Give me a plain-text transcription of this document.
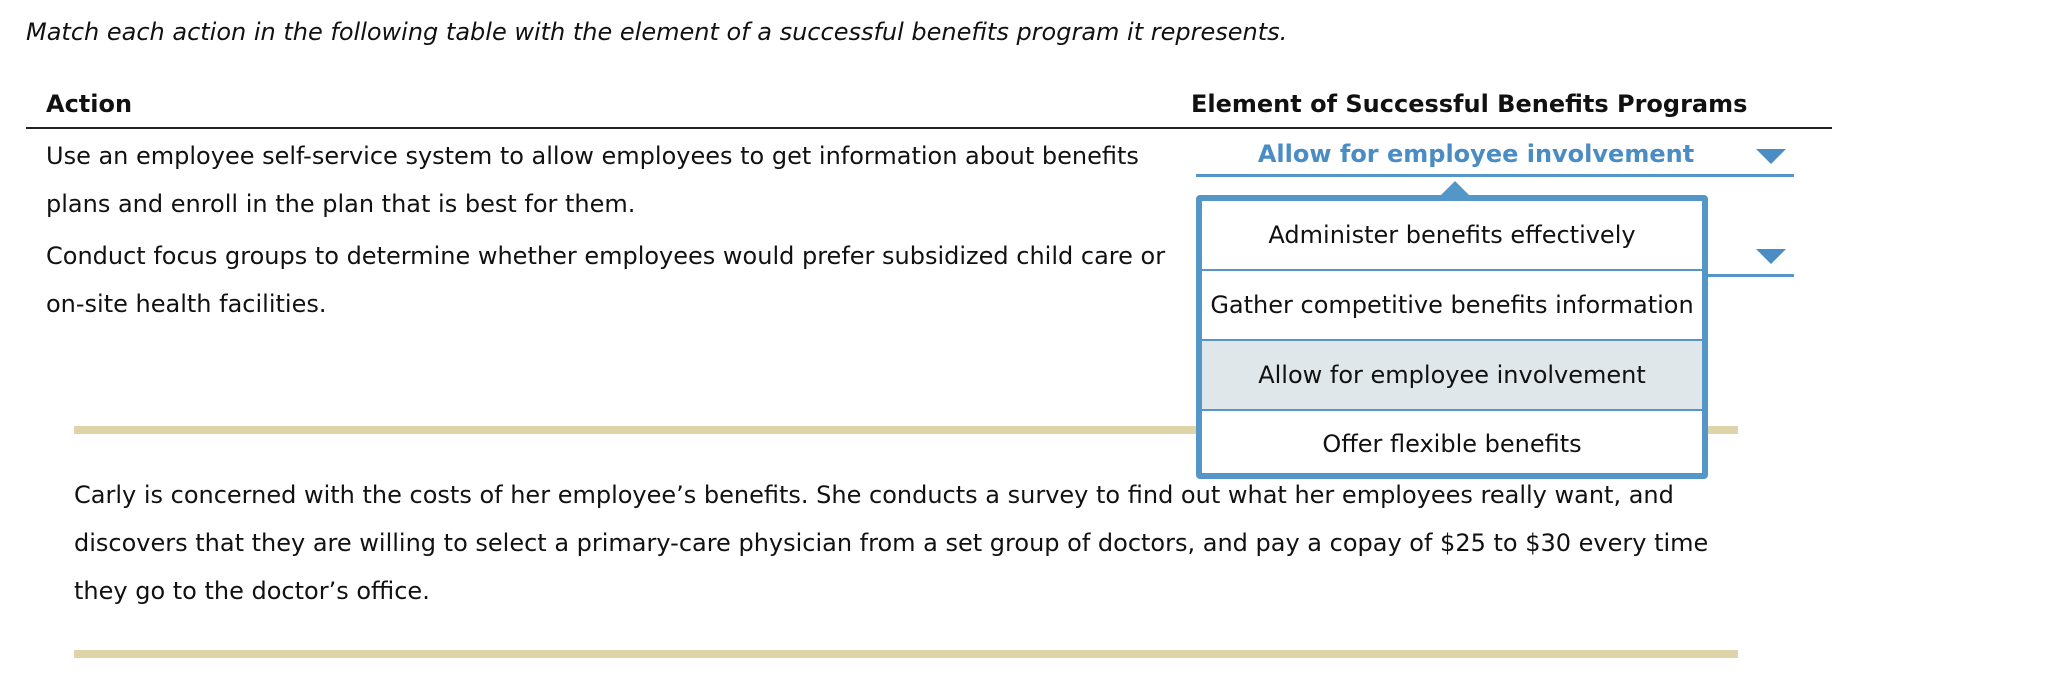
Match each action in the following table with the element of a successful benefits program it represents.

Action	Element of Successful Benefits Programs

Use an employee self-service system to allow employees to get information about benefits plans and enroll in the plan that is best for them.

Allow for employee involvement

Conduct focus groups to determine whether employees would prefer subsidized child care or on-site health facilities.

Carly is concerned with the costs of her employee’s benefits. She conducts a survey to find out what her employees really want, and discovers that they are willing to select a primary-care physician from a set group of doctors, and pay a copay of $25 to $30 every time they go to the doctor’s office.

Administer benefits effectively
Gather competitive benefits information
Allow for employee involvement
Offer flexible benefits
